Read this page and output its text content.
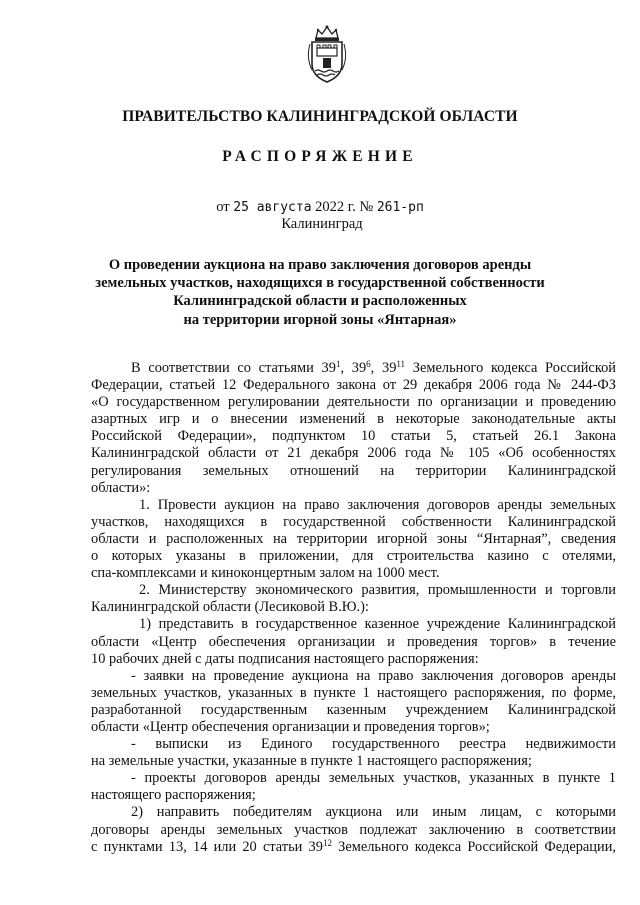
ПРАВИТЕЛЬСТВО КАЛИНИНГРАДСКОЙ ОБЛАСТИ
РАСПОРЯЖЕНИЕ
от 25 августа 2022 г. № 261-рп
Калининград
О проведении аукциона на право заключения договоров аренды
земельных участков, находящихся в государственной собственности
Калининградской области и расположенных
на территории игорной зоны «Янтарная»

В соответствии со статьями $39^1$, $39^6$, $39^{11}$ Земельного кодекса Российской

Федерации, статьей 12 Федерального закона от 29 декабря 2006 года № 244-ФЗ

«О государственном регулировании деятельности по организации и проведению

азартных игр и о внесении изменений в некоторые законодательные акты

Российской Федерации», подпунктом 10 статьи 5, статьей 26.1 Закона

Калининградской области от 21 декабря 2006 года № 105 «Об особенностях

регулирования земельных отношений на территории Калининградской

области»:

1. Провести аукцион на право заключения договоров аренды земельных

участков, находящихся в государственной собственности Калининградской

области и расположенных на территории игорной зоны “Янтарная”, сведения

о которых указаны в приложении, для строительства казино с отелями,

спа-комплексами и киноконцертным залом на 1000 мест.

2. Министерству экономического развития, промышленности и торговли

Калининградской области (Лесиковой В.Ю.):

1) представить в государственное казенное учреждение Калининградской

области «Центр обеспечения организации и проведения торгов» в течение

10 рабочих дней с даты подписания настоящего распоряжения:

- заявки на проведение аукциона на право заключения договоров аренды

земельных участков, указанных в пункте 1 настоящего распоряжения, по форме,

разработанной государственным казенным учреждением Калининградской

области «Центр обеспечения организации и проведения торгов»;

- выписки из Единого государственного реестра недвижимости

на земельные участки, указанные в пункте 1 настоящего распоряжения;

- проекты договоров аренды земельных участков, указанных в пункте 1

настоящего распоряжения;

2) направить победителям аукциона или иным лицам, с которыми

договоры аренды земельных участков подлежат заключению в соответствии

с пунктами 13, 14 или 20 статьи $39^{12}$ Земельного кодекса Российской Федерации,
